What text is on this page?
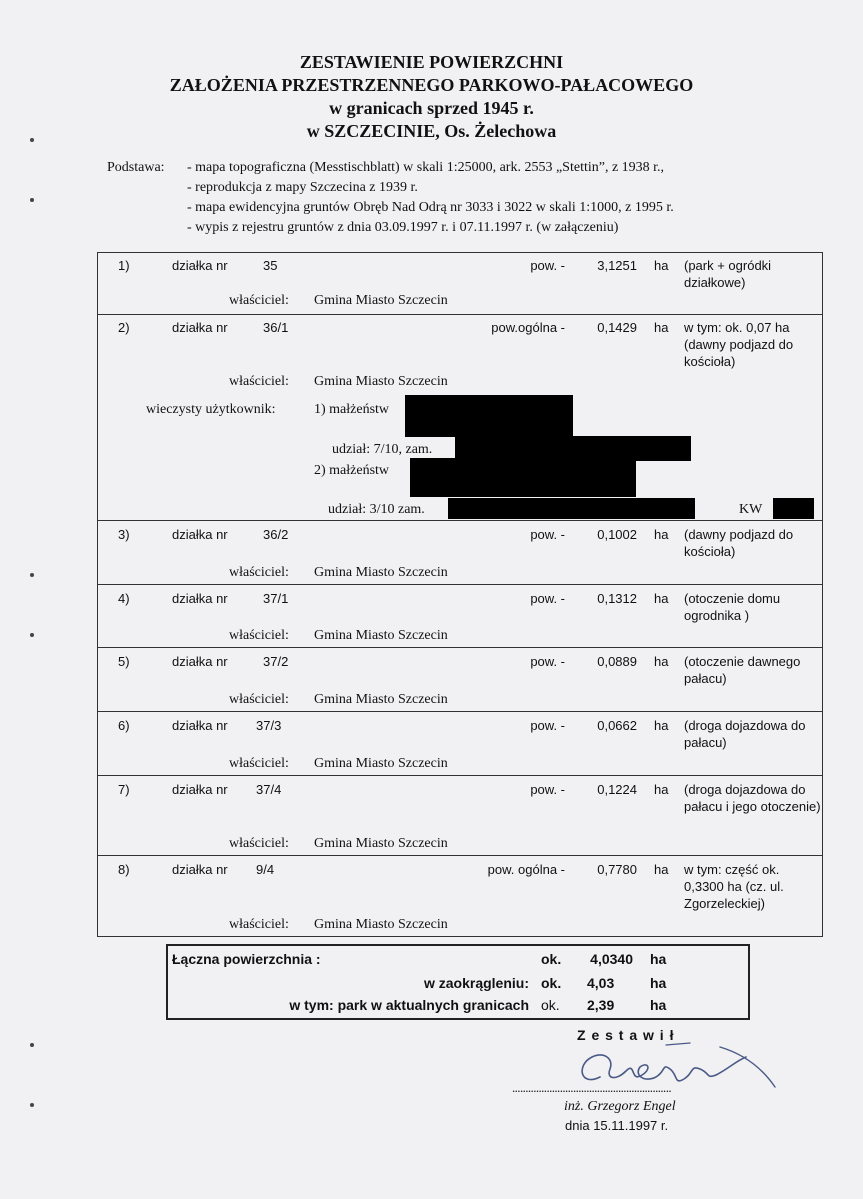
ZESTAWIENIE POWIERZCHNI
ZAŁOŻENIA PRZESTRZENNEGO PARKOWO-PAŁACOWEGO
w granicach sprzed 1945 r.
w SZCZECINIE, Os. Żelechowa
Podstawa: - mapa topograficzna (Messtischblatt) w skali 1:25000, ark. 2553 „Stettin”, z 1938 r.,
- reprodukcja z mapy Szczecina z 1939 r.
- mapa ewidencyjna gruntów Obręb Nad Odrą nr 3033 i 3022 w skali 1:1000, z 1995 r.
- wypis z rejestru gruntów z dnia 03.09.1997 r. i 07.11.1997 r. (w załączeniu)
1)	działka nr	35	pow. - 3,1251 ha (park + ogródki działkowe)
właściciel: Gmina Miasto Szczecin
2)	działka nr	36/1	pow.ogólna - 0,1429 ha w tym: ok. 0,07 ha (dawny podjazd do kościoła)
właściciel: Gmina Miasto Szczecin
wieczysty użytkownik:	1) małżeństw
udział: 7/10, zam.
2) małżeństw
udział: 3/10 zam.	KW
3)	działka nr	36/2	pow. - 0,1002 ha (dawny podjazd do kościoła)
właściciel: Gmina Miasto Szczecin
4)	działka nr	37/1	pow. - 0,1312 ha (otoczenie domu ogrodnika )
właściciel: Gmina Miasto Szczecin
5)	działka nr	37/2	pow. - 0,0889 ha (otoczenie dawnego pałacu)
właściciel: Gmina Miasto Szczecin
6)	działka nr 37/3	pow. - 0,0662 ha (droga dojazdowa do pałacu)
właściciel: Gmina Miasto Szczecin
7)	działka nr 37/4	pow. - 0,1224 ha (droga dojazdowa do pałacu i jego otoczenie)
właściciel: Gmina Miasto Szczecin
8)	działka nr 9/4	pow. ogólna - 0,7780 ha w tym: część ok. 0,3300 ha (cz. ul. Zgorzeleckiej)
właściciel: Gmina Miasto Szczecin
Łączna powierzchnia :	ok. 4,0340 ha
w zaokrągleniu: ok. 4,03	ha
w tym: park w aktualnych granicach ok. 2,39	ha
Z e s t a w i ł
............................................................
inż. Grzegorz Engel
dnia 15.11.1997 r.
